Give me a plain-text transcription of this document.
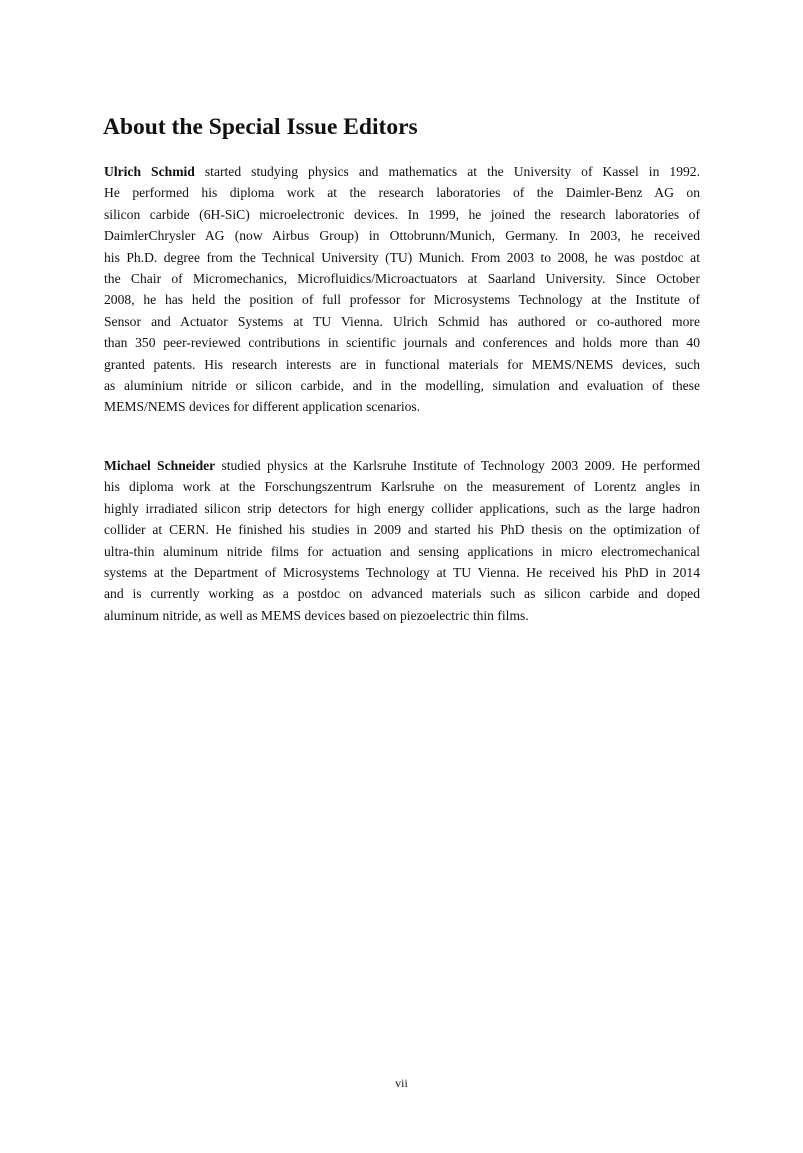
About the Special Issue Editors
Ulrich Schmid started studying physics and mathematics at the University of Kassel in 1992.
He performed his diploma work at the research laboratories of the Daimler-Benz AG on
silicon carbide (6H-SiC) microelectronic devices. In 1999, he joined the research laboratories of
DaimlerChrysler AG (now Airbus Group) in Ottobrunn/Munich, Germany. In 2003, he received
his Ph.D. degree from the Technical University (TU) Munich. From 2003 to 2008, he was postdoc at
the Chair of Micromechanics, Microfluidics/Microactuators at Saarland University. Since October
2008, he has held the position of full professor for Microsystems Technology at the Institute of
Sensor and Actuator Systems at TU Vienna. Ulrich Schmid has authored or co-authored more
than 350 peer-reviewed contributions in scientific journals and conferences and holds more than 40
granted patents. His research interests are in functional materials for MEMS/NEMS devices, such
as aluminium nitride or silicon carbide, and in the modelling, simulation and evaluation of these
MEMS/NEMS devices for different application scenarios.
Michael Schneider studied physics at the Karlsruhe Institute of Technology 2003 2009. He performed
his diploma work at the Forschungszentrum Karlsruhe on the measurement of Lorentz angles in
highly irradiated silicon strip detectors for high energy collider applications, such as the large hadron
collider at CERN. He finished his studies in 2009 and started his PhD thesis on the optimization of
ultra-thin aluminum nitride films for actuation and sensing applications in micro electromechanical
systems at the Department of Microsystems Technology at TU Vienna. He received his PhD in 2014
and is currently working as a postdoc on advanced materials such as silicon carbide and doped
aluminum nitride, as well as MEMS devices based on piezoelectric thin films.
vii
